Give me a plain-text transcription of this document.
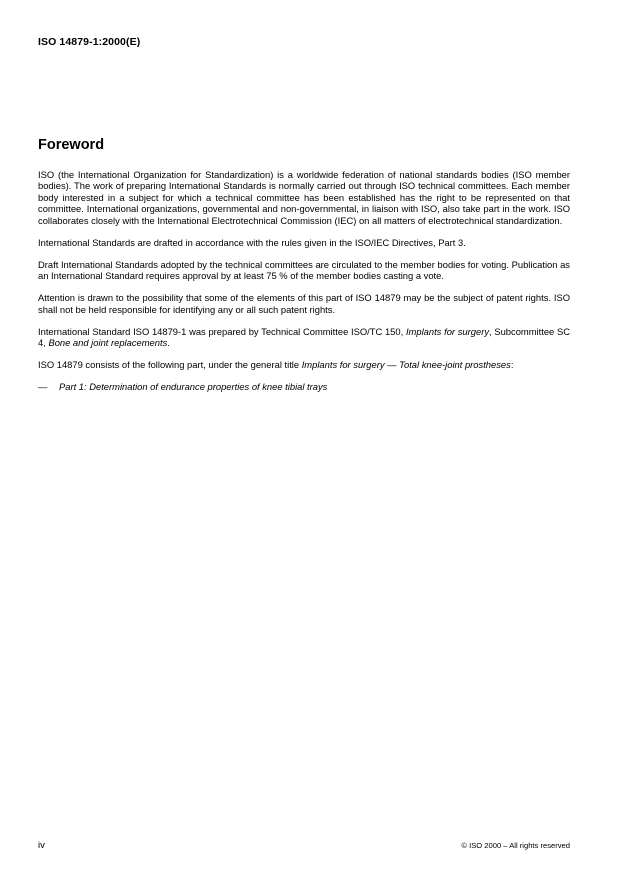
ISO 14879-1:2000(E)
Foreword

ISO (the International Organization for Standardization) is a worldwide federation of national standards bodies (ISO member bodies). The work of preparing International Standards is normally carried out through ISO technical committees. Each member body interested in a subject for which a technical committee has been established has the right to be represented on that committee. International organizations, governmental and non-governmental, in liaison with ISO, also take part in the work. ISO collaborates closely with the International Electrotechnical Commission (IEC) on all matters of electrotechnical standardization.

International Standards are drafted in accordance with the rules given in the ISO/IEC Directives, Part 3.

Draft International Standards adopted by the technical committees are circulated to the member bodies for voting. Publication as an International Standard requires approval by at least 75 % of the member bodies casting a vote.

Attention is drawn to the possibility that some of the elements of this part of ISO 14879 may be the subject of patent rights. ISO shall not be held responsible for identifying any or all such patent rights.

International Standard ISO 14879-1 was prepared by Technical Committee ISO/TC 150, Implants for surgery, Subcommittee SC 4, Bone and joint replacements.

ISO 14879 consists of the following part, under the general title Implants for surgery — Total knee-joint prostheses:

—	Part 1: Determination of endurance properties of knee tibial trays
iv	© ISO 2000 – All rights reserved
